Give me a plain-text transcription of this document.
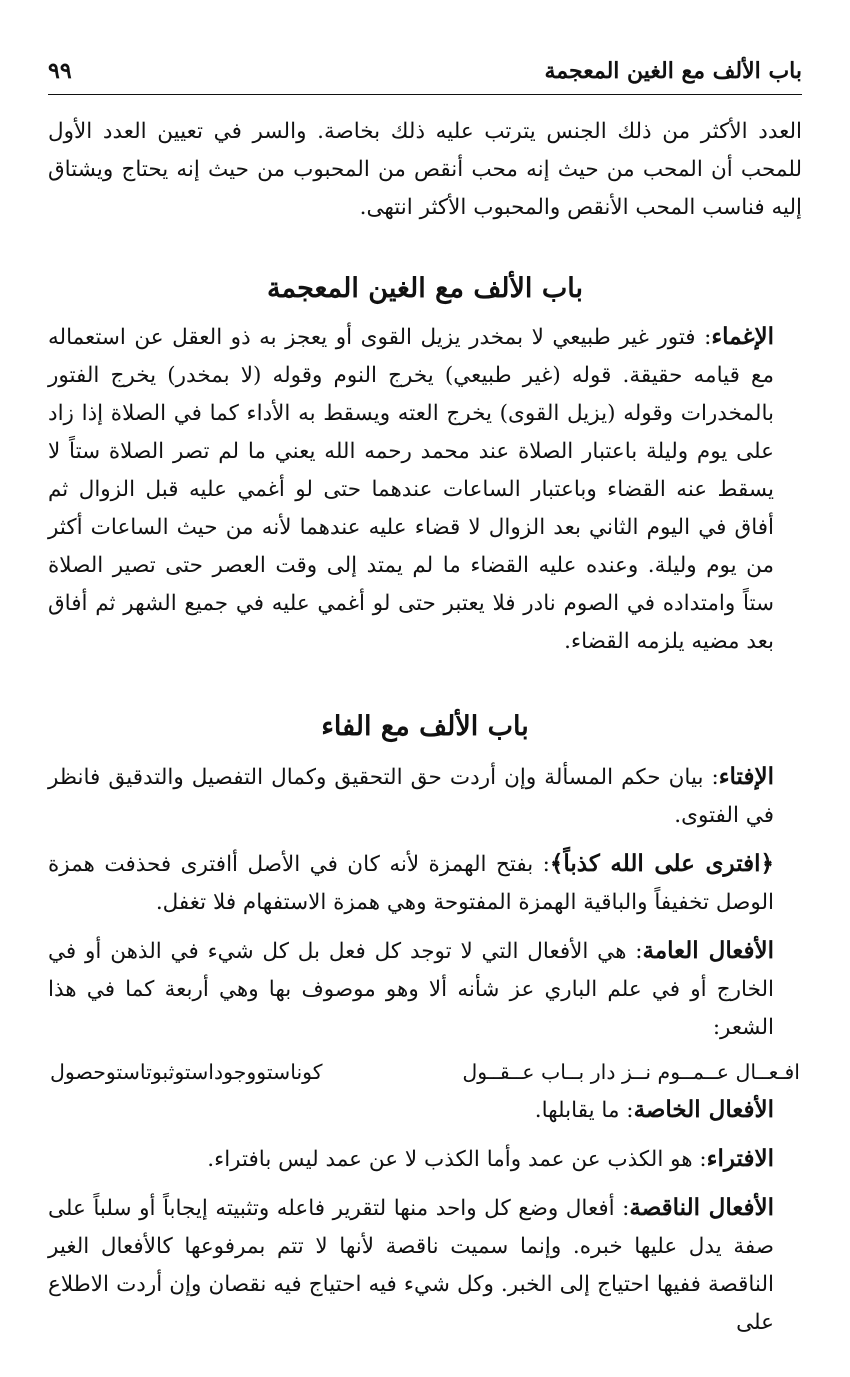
باب الألف مع الغين المعجمة
٩٩

العدد الأكثر من ذلك الجنس يترتب عليه ذلك بخاصة. والسر في تعيين العدد الأول للمحب أن المحب من حيث إنه محب أنقص من المحبوب من حيث إنه يحتاج ويشتاق إليه فناسب المحب الأنقص والمحبوب الأكثر انتهى.

باب الألف مع الغين المعجمة

الإغماء: فتور غير طبيعي لا بمخدر يزيل القوى أو يعجز به ذو العقل عن استعماله مع قيامه حقيقة. قوله (غير طبيعي) يخرج النوم وقوله (لا بمخدر) يخرج الفتور بالمخدرات وقوله (يزيل القوى) يخرج العته ويسقط به الأداء كما في الصلاة إذا زاد على يوم وليلة باعتبار الصلاة عند محمد رحمه الله يعني ما لم تصر الصلاة ستاً لا يسقط عنه القضاء وباعتبار الساعات عندهما حتى لو أغمي عليه قبل الزوال ثم أفاق في اليوم الثاني بعد الزوال لا قضاء عليه عندهما لأنه من حيث الساعات أكثر من يوم وليلة. وعنده عليه القضاء ما لم يمتد إلى وقت العصر حتى تصير الصلاة ستاً وامتداده في الصوم نادر فلا يعتبر حتى لو أغمي عليه في جميع الشهر ثم أفاق بعد مضيه يلزمه القضاء.

باب الألف مع الفاء

الإفتاء: بيان حكم المسألة وإن أردت حق التحقيق وكمال التفصيل والتدقيق فانظر في الفتوى.

﴿افترى على الله كذباً﴾: بفتح الهمزة لأنه كان في الأصل أافترى فحذفت همزة الوصل تخفيفاً والباقية الهمزة المفتوحة وهي همزة الاستفهام فلا تغفل.

الأفعال العامة: هي الأفعال التي لا توجد كل فعل بل كل شيء في الذهن أو في الخارج أو في علم الباري عز شأنه ألا وهو موصوف بها وهي أربعة كما في هذا الشعر:

افـعــال عــمــوم نــز دار بــاب عــقــول
كوناستووجوداستوثبوتاستوحصول

الأفعال الخاصة: ما يقابلها.

الافتراء: هو الكذب عن عمد وأما الكذب لا عن عمد ليس بافتراء.

الأفعال الناقصة: أفعال وضع كل واحد منها لتقرير فاعله وتثبيته إيجاباً أو سلباً على صفة يدل عليها خبره. وإنما سميت ناقصة لأنها لا تتم بمرفوعها كالأفعال الغير الناقصة ففيها احتياج إلى الخبر. وكل شيء فيه احتياج فيه نقصان وإن أردت الاطلاع على
